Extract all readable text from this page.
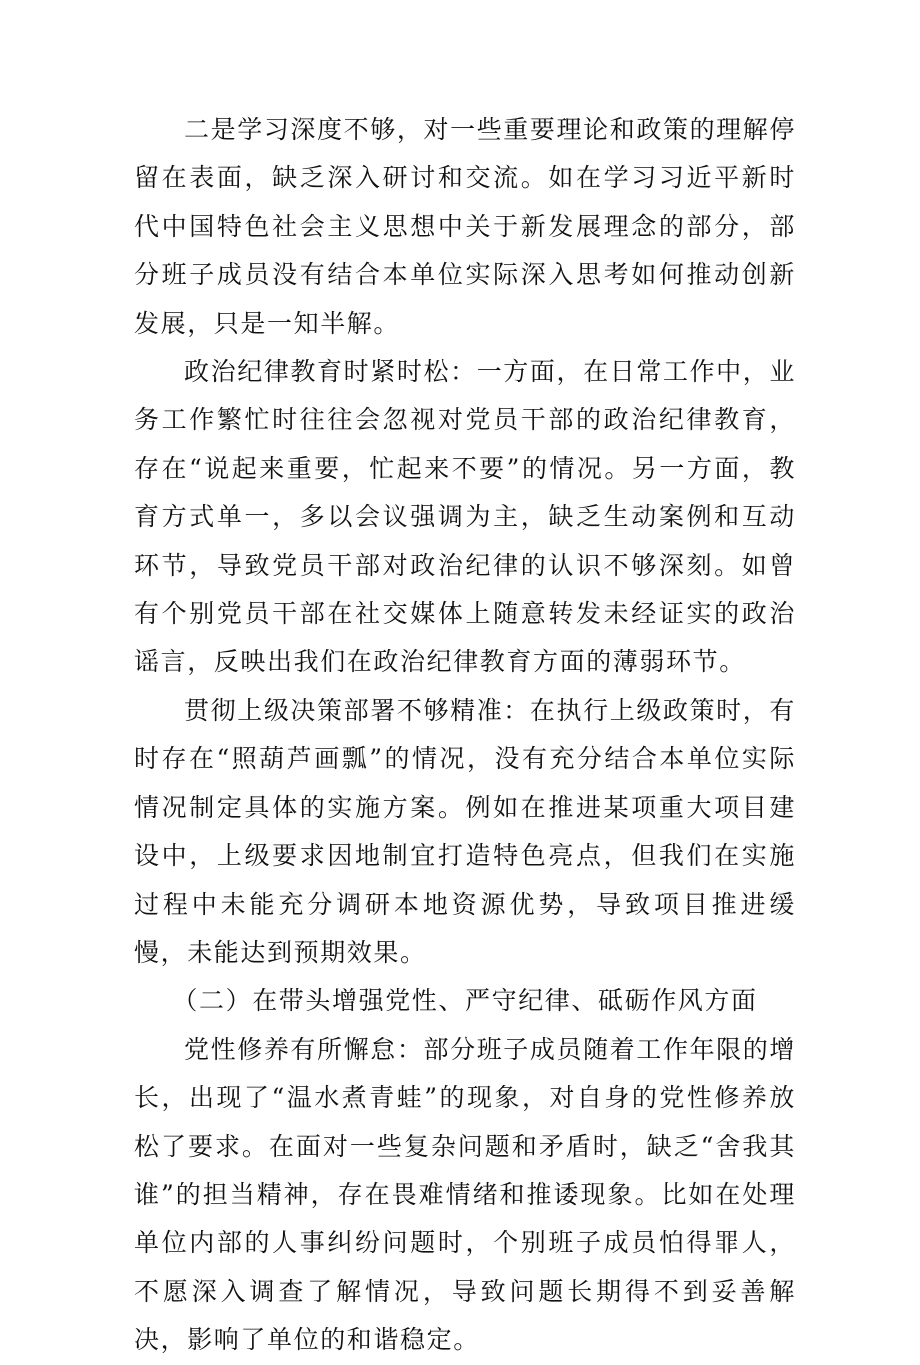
二是学习深度不够，对一些重要理论和政策的理解停留在表面，缺乏深入研讨和交流。如在学习习近平新时代中国特色社会主义思想中关于新发展理念的部分，部分班子成员没有结合本单位实际深入思考如何推动创新发展，只是一知半解。

政治纪律教育时紧时松：一方面，在日常工作中，业务工作繁忙时往往会忽视对党员干部的政治纪律教育，存在“说起来重要，忙起来不要”的情况。另一方面，教育方式单一，多以会议强调为主，缺乏生动案例和互动环节，导致党员干部对政治纪律的认识不够深刻。如曾有个别党员干部在社交媒体上随意转发未经证实的政治谣言，反映出我们在政治纪律教育方面的薄弱环节。

贯彻上级决策部署不够精准：在执行上级政策时，有时存在“照葫芦画瓢”的情况，没有充分结合本单位实际情况制定具体的实施方案。例如在推进某项重大项目建设中，上级要求因地制宜打造特色亮点，但我们在实施过程中未能充分调研本地资源优势，导致项目推进缓慢，未能达到预期效果。

（二）在带头增强党性、严守纪律、砥砺作风方面

党性修养有所懈怠：部分班子成员随着工作年限的增长，出现了“温水煮青蛙”的现象，对自身的党性修养放松了要求。在面对一些复杂问题和矛盾时，缺乏“舍我其谁”的担当精神，存在畏难情绪和推诿现象。比如在处理单位内部的人事纠纷问题时，个别班子成员怕得罪人，不愿深入调查了解情况，导致问题长期得不到妥善解决，影响了单位的和谐稳定。
